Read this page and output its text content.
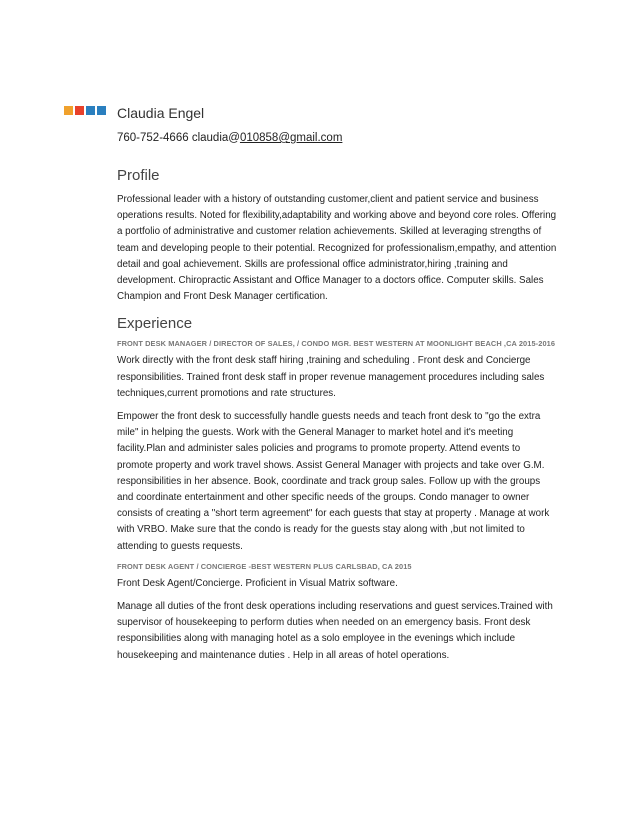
Claudia Engel

760-752-4666 claudia@010858@gmail.com

Profile

Professional leader with a history of outstanding customer,client and patient service and business operations results. Noted for flexibility,adaptability and working above and beyond core roles. Offering a portfolio of administrative and customer relation achievements. Skilled at leveraging strengths of team and developing people to their potential. Recognized for professionalism,empathy, and attention detail and goal achievement. Skills are professional office administrator,hiring ,training and development. Chiropractic Assistant and Office Manager to a doctors office. Computer skills. Sales Champion and Front Desk Manager certification.

Experience

FRONT DESK MANAGER / DIRECTOR OF SALES, / CONDO MGR. BEST WESTERN AT MOONLIGHT BEACH ,CA 2015-2016

Work directly with the front desk staff hiring ,training and scheduling . Front desk and Concierge responsibilities. Trained front desk staff in proper revenue management procedures including sales techniques,current promotions and rate structures.

Empower the front desk to successfully handle guests needs and teach front desk to "go the extra mile" in helping the guests. Work with the General Manager to market hotel and it's meeting facility.Plan and administer sales policies and programs to promote property. Attend events to promote property and work travel shows. Assist General Manager with projects and take over G.M. responsibilities in her absence. Book, coordinate and track group sales. Follow up with the groups and coordinate entertainment and other specific needs of the groups. Condo manager to owner consists of creating a "short term agreement" for each guests that stay at property . Manage at work with VRBO. Make sure that the condo is ready for the guests stay along with ,but not limited to attending to guests requests.

FRONT DESK AGENT / CONCIERGE -BEST WESTERN PLUS CARLSBAD, CA 2015

Front Desk Agent/Concierge. Proficient in Visual Matrix software.

Manage all duties of the front desk operations including reservations and guest services.Trained with supervisor of housekeeping to perform duties when needed on an emergency basis. Front desk responsibilities along with managing hotel as a solo employee in the evenings which include housekeeping and maintenance duties . Help in all areas of hotel operations.
